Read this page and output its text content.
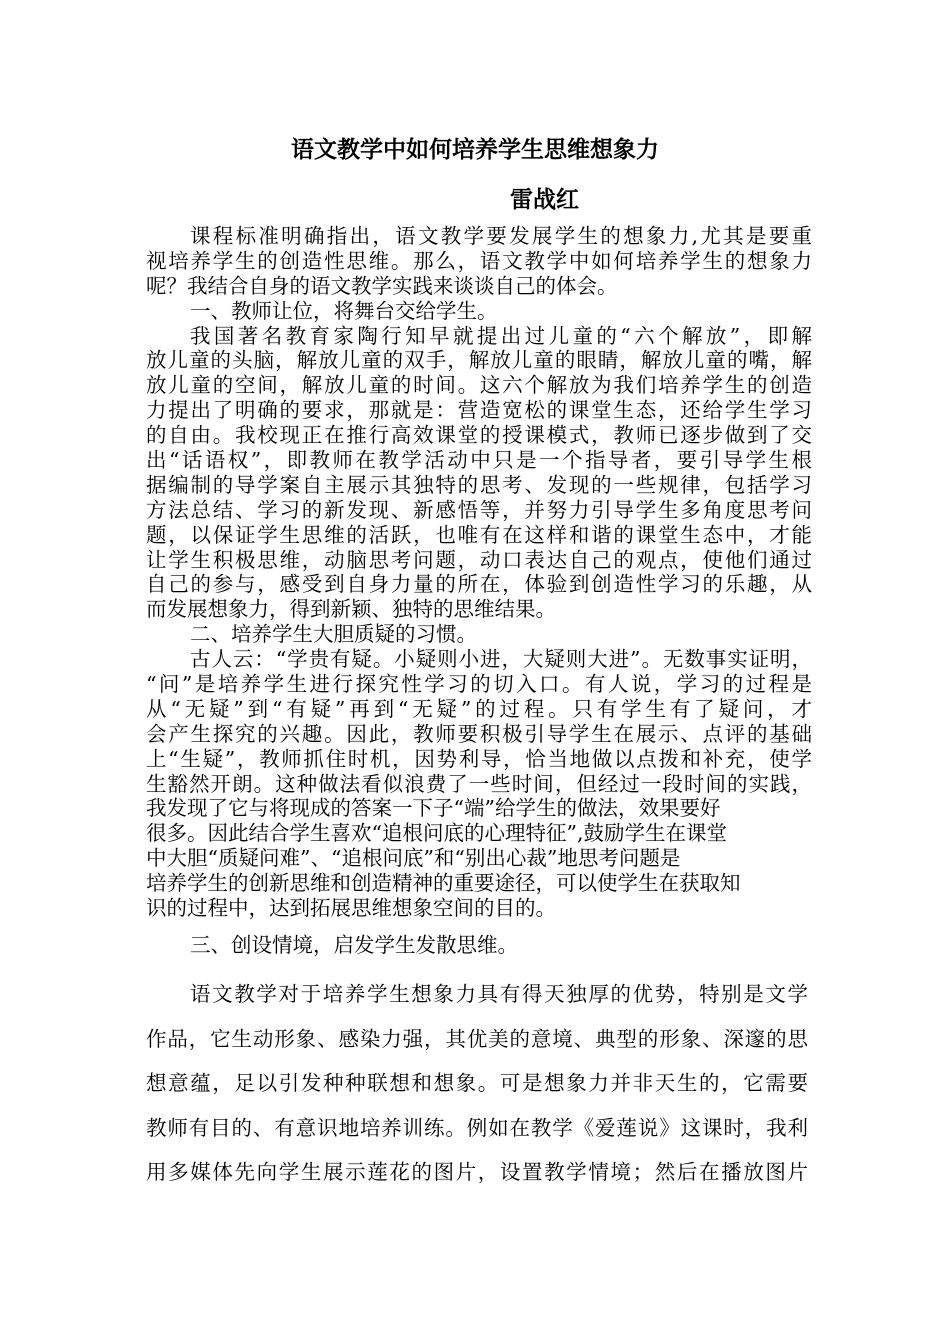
语文教学中如何培养学生思维想象力
雷战红
课程标准明确指出，语文教学要发展学生的想象力,尤其是要重
视培养学生的创造性思维。那么，语文教学中如何培养学生的想象力
呢？我结合自身的语文教学实践来谈谈自己的体会。
一、教师让位，将舞台交给学生。
我国著名教育家陶行知早就提出过儿童的“六个解放”，即解
放儿童的头脑，解放儿童的双手，解放儿童的眼睛，解放儿童的嘴，解
放儿童的空间，解放儿童的时间。这六个解放为我们培养学生的创造
力提出了明确的要求，那就是：营造宽松的课堂生态，还给学生学习
的自由。我校现正在推行高效课堂的授课模式，教师已逐步做到了交
出“话语权”，即教师在教学活动中只是一个指导者，要引导学生根
据编制的导学案自主展示其独特的思考、发现的一些规律，包括学习
方法总结、学习的新发现、新感悟等，并努力引导学生多角度思考问
题，以保证学生思维的活跃，也唯有在这样和谐的课堂生态中，才能
让学生积极思维，动脑思考问题，动口表达自己的观点，使他们通过
自己的参与，感受到自身力量的所在，体验到创造性学习的乐趣，从
而发展想象力，得到新颖、独特的思维结果。
二、培养学生大胆质疑的习惯。
古人云：“学贵有疑。小疑则小进，大疑则大进”。无数事实证明，
“问”是培养学生进行探究性学习的切入口。有人说，学习的过程是
从“无疑”到“有疑”再到“无疑”的过程。只有学生有了疑问，才
会产生探究的兴趣。因此，教师要积极引导学生在展示、点评的基础
上“生疑”，教师抓住时机，因势利导，恰当地做以点拨和补充，使学
生豁然开朗。这种做法看似浪费了一些时间，但经过一段时间的实践，
我发现了它与将现成的答案一下子“端”给学生的做法，效果要好
很多。因此结合学生喜欢“追根问底的心理特征”,鼓励学生在课堂
中大胆“质疑问难”、“追根问底”和“别出心裁”地思考问题是
培养学生的创新思维和创造精神的重要途径，可以使学生在获取知
识的过程中，达到拓展思维想象空间的目的。
三、创设情境，启发学生发散思维。
语文教学对于培养学生想象力具有得天独厚的优势，特别是文学
作品，它生动形象、感染力强，其优美的意境、典型的形象、深邃的思
想意蕴，足以引发种种联想和想象。可是想象力并非天生的，它需要
教师有目的、有意识地培养训练。例如在教学《爱莲说》这课时，我利
用多媒体先向学生展示莲花的图片，设置教学情境；然后在播放图片
